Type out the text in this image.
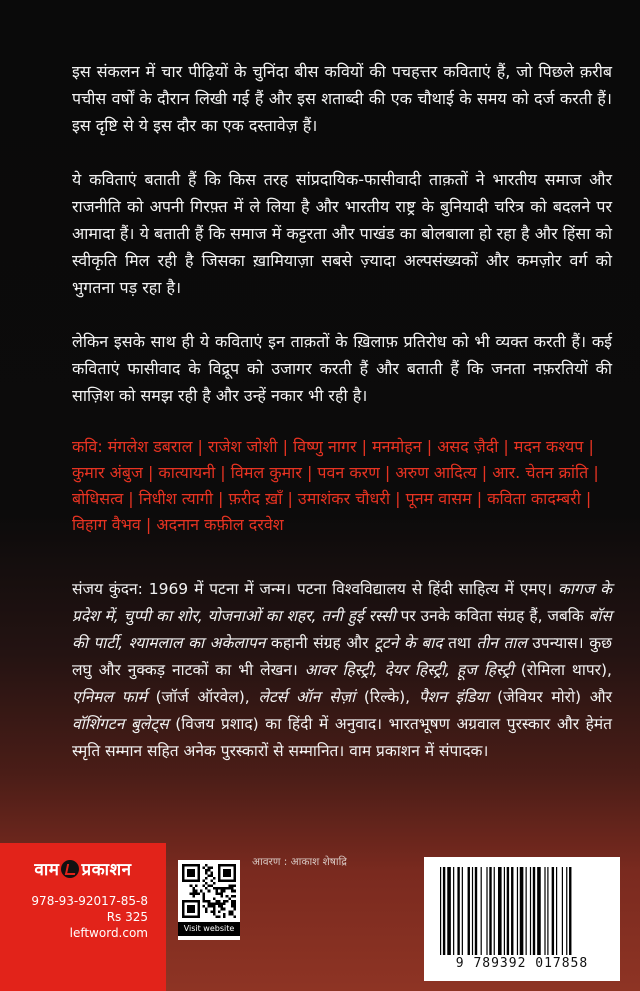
इस संकलन में चार पीढ़ियों के चुनिंदा बीस कवियों की पचहत्तर कविताएं हैं, जो पिछले क़रीब पचीस वर्षों के दौरान लिखी गई हैं और इस शताब्दी की एक चौथाई के समय को दर्ज करती हैं। इस दृष्टि से ये इस दौर का एक दस्तावेज़ हैं।

ये कविताएं बताती हैं कि किस तरह सांप्रदायिक-फासीवादी ताक़तों ने भारतीय समाज और राजनीति को अपनी गिरफ़्त में ले लिया है और भारतीय राष्ट्र के बुनियादी चरित्र को बदलने पर आमादा हैं। ये बताती हैं कि समाज में कट्टरता और पाखंड का बोलबाला हो रहा है और हिंसा को स्वीकृति मिल रही है जिसका ख़ामियाज़ा सबसे ज़्यादा अल्पसंख्यकों और कमज़ोर वर्ग को भुगतना पड़ रहा है।

लेकिन इसके साथ ही ये कविताएं इन ताक़तों के ख़िलाफ़ प्रतिरोध को भी व्यक्त करती हैं। कई कविताएं फासीवाद के विद्रूप को उजागर करती हैं और बताती हैं कि जनता नफ़रतियों की साज़िश को समझ रही है और उन्हें नकार भी रही है।

कवि: मंगलेश डबराल | राजेश जोशी | विष्णु नागर | मनमोहन | असद ज़ैदी | मदन कश्यप | कुमार अंबुज | कात्यायनी | विमल कुमार | पवन करण | अरुण आदित्य | आर. चेतन क्रांति | बोधिसत्व | निधीश त्यागी | फ़रीद ख़ाँ | उमाशंकर चौधरी | पूनम वासम | कविता कादम्बरी | विहाग वैभव | अदनान कफ़ील दरवेश

संजय कुंदन: 1969 में पटना में जन्म। पटना विश्वविद्यालय से हिंदी साहित्य में एमए। कागज के प्रदेश में, चुप्पी का शोर, योजनाओं का शहर, तनी हुई रस्सी पर उनके कविता संग्रह हैं, जबकि बॉस की पार्टी, श्यामलाल का अकेलापन कहानी संग्रह और टूटने के बाद तथा तीन ताल उपन्यास। कुछ लघु और नुक्कड़ नाटकों का भी लेखन। आवर हिस्ट्री, देयर हिस्ट्री, हूज हिस्ट्री (रोमिला थापर), एनिमल फार्म (जॉर्ज ऑरवेल), लेटर्स ऑन सेज़ां (रिल्के), पैशन इंडिया (जेवियर मोरो) और वॉशिंगटन बुलेट्स (विजय प्रशाद) का हिंदी में अनुवाद। भारतभूषण अग्रवाल पुरस्कार और हेमंत स्मृति सम्मान सहित अनेक पुरस्कारों से सम्मानित। वाम प्रकाशन में संपादक।

वाम प्रकाशन
978-93-92017-85-8
Rs 325
leftword.com	Visit website
आवरण : आकाश शेषाद्रि
9 789392 017858
